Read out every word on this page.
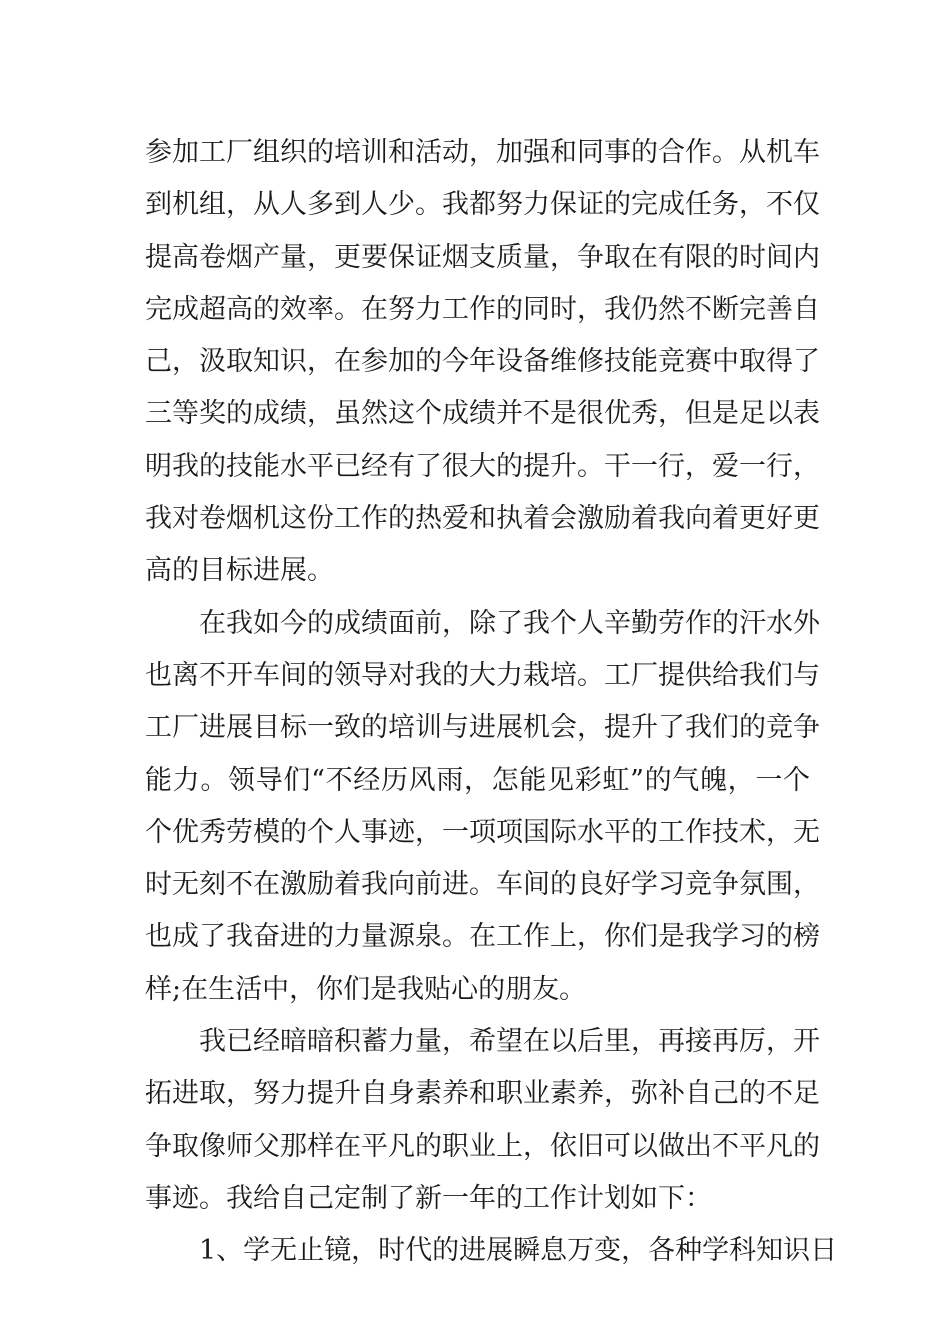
参加工厂组织的培训和活动，加强和同事的合作。从机车
到机组，从人多到人少。我都努力保证的完成任务，不仅
提高卷烟产量，更要保证烟支质量，争取在有限的时间内
完成超高的效率。在努力工作的同时，我仍然不断完善自
己，汲取知识，在参加的今年设备维修技能竞赛中取得了
三等奖的成绩，虽然这个成绩并不是很优秀，但是足以表
明我的技能水平已经有了很大的提升。干一行，爱一行，
我对卷烟机这份工作的热爱和执着会激励着我向着更好更
高的目标进展。
在我如今的成绩面前，除了我个人辛勤劳作的汗水外
也离不开车间的领导对我的大力栽培。工厂提供给我们与
工厂进展目标一致的培训与进展机会，提升了我们的竞争
能力。领导们“不经历风雨，怎能见彩虹”的气魄，一个
个优秀劳模的个人事迹，一项项国际水平的工作技术，无
时无刻不在激励着我向前进。车间的良好学习竞争氛围，
也成了我奋进的力量源泉。在工作上，你们是我学习的榜
样;在生活中，你们是我贴心的朋友。
我已经暗暗积蓄力量，希望在以后里，再接再厉，开
拓进取，努力提升自身素养和职业素养，弥补自己的不足
争取像师父那样在平凡的职业上，依旧可以做出不平凡的
事迹。我给自己定制了新一年的工作计划如下：
1、学无止镜，时代的进展瞬息万变，各种学科知识日
